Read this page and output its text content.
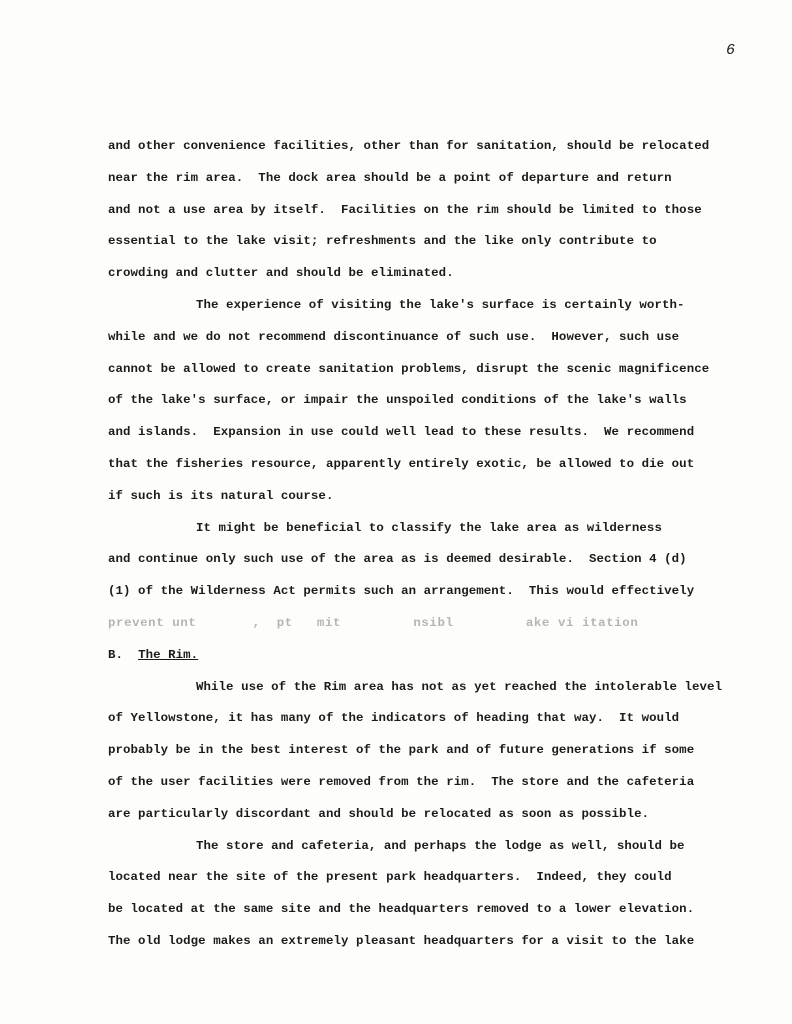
6
and other convenience facilities, other than for sanitation, should be relocated
near the rim area.  The dock area should be a point of departure and return
and not a use area by itself.  Facilities on the rim should be limited to those
essential to the lake visit; refreshments and the like only contribute to
crowding and clutter and should be eliminated.
The experience of visiting the lake's surface is certainly worth-
while and we do not recommend discontinuance of such use.  However, such use
cannot be allowed to create sanitation problems, disrupt the scenic magnificence
of the lake's surface, or impair the unspoiled conditions of the lake's walls
and islands.  Expansion in use could well lead to these results.  We recommend
that the fisheries resource, apparently entirely exotic, be allowed to die out
if such is its natural course.
It might be beneficial to classify the lake area as wilderness
and continue only such use of the area as is deemed desirable.  Section 4 (d)
(1) of the Wilderness Act permits such an arrangement.  This would effectively
prevent unt       ,  pt   mit         nsibl         ake vi itation
B. The Rim.
While use of the Rim area has not as yet reached the intolerable level
of Yellowstone, it has many of the indicators of heading that way.  It would
probably be in the best interest of the park and of future generations if some
of the user facilities were removed from the rim.  The store and the cafeteria
are particularly discordant and should be relocated as soon as possible.
The store and cafeteria, and perhaps the lodge as well, should be
located near the site of the present park headquarters.  Indeed, they could
be located at the same site and the headquarters removed to a lower elevation.
The old lodge makes an extremely pleasant headquarters for a visit to the lake
